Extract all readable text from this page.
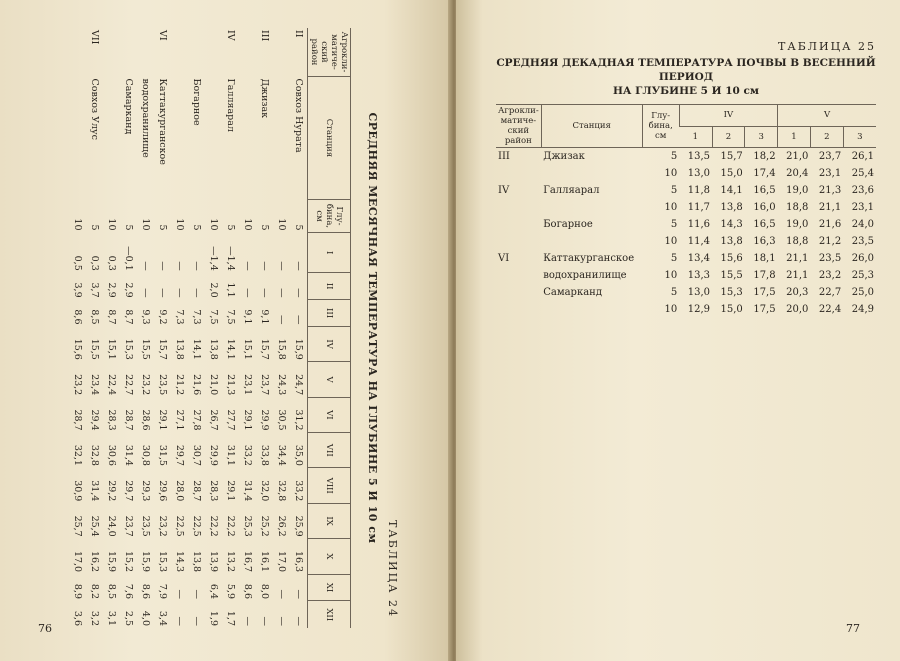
ТАБЛИЦА 24
СРЕДНЯЯ МЕСЯЧНАЯ ТЕМПЕРАТУРА НА ГЛУБИНЕ 5 И 10 см
Агрокли-матиче-ский район	Станция	Глу-бина, см	I	II	III	IV	V	VI	VII	VIII	IX	X	XI	XII
II	Совхоз Нурата	5	—	—	—	15,9	24,7	31,2	35,0	33,2	25,9	16,3	—	—
		10	—	—	—	15,8	24,3	30,5	34,4	32,8	26,2	17,0	—	—
III	Джизак	5	—	—	9,1	15,7	23,7	29,9	33,8	32,0	25,2	16,1	8,0	—
		10	—	—	9,1	15,1	23,1	29,1	33,2	31,4	25,3	16,7	8,6	—
IV	Галляарал	5	—1,4	1,1	7,5	14,1	21,3	27,7	31,1	29,1	22,2	13,2	5,9	1,7
		10	—1,4	2,0	7,5	13,8	21,0	26,7	29,9	28,3	22,2	13,9	6,4	1,9
	Богарное	5	—	—	7,3	14,1	21,6	27,8	30,7	28,7	22,5	13,8	—	—
		10	—	—	7,3	13,8	21,2	27,1	29,7	28,0	22,5	14,3	—	—
VI	Каттакурганское	5	—	—	9,2	15,7	23,5	29,1	31,5	29,6	23,2	15,3	7,9	3,4
	водохранилище	10	—	—	9,3	15,5	23,2	28,6	30,8	29,3	23,5	15,9	8,6	4,0
	Самарканд	5	—0,1	2,9	8,7	15,3	22,7	28,7	31,4	29,7	23,7	15,2	7,6	2,5
		10	0,3	2,9	8,7	15,1	22,4	28,3	30,6	29,2	24,0	15,9	8,5	3,1
VII	Совхоз Улус	5	0,3	3,7	8,5	15,5	23,4	29,4	32,8	31,4	25,4	16,2	8,2	3,2
		10	0,5	3,9	8,6	15,6	23,2	28,7	32,1	30,9	25,7	17,0	8,9	3,6
76
ТАБЛИЦА 25
СРЕДНЯЯ ДЕКАДНАЯ ТЕМПЕРАТУРА ПОЧВЫ В ВЕСЕННИЙ ПЕРИОД
НА ГЛУБИНЕ 5 И 10 см
Агрокли-матиче-ский район	Станция	Глу-бина, см	IV			V		
			1	2	3	1	2	3
III	Джизак	5	13,5	15,7	18,2	21,0	23,7	26,1
		10	13,0	15,0	17,4	20,4	23,1	25,4
IV	Галляарал	5	11,8	14,1	16,5	19,0	21,3	23,6
		10	11,7	13,8	16,0	18,8	21,1	23,1
	Богарное	5	11,6	14,3	16,5	19,0	21,6	24,0
		10	11,4	13,8	16,3	18,8	21,2	23,5
VI	Каттакурганское	5	13,4	15,6	18,1	21,1	23,5	26,0
	водохранилище	10	13,3	15,5	17,8	21,1	23,2	25,3
	Самарканд	5	13,0	15,3	17,5	20,3	22,7	25,0
		10	12,9	15,0	17,5	20,0	22,4	24,9
77
